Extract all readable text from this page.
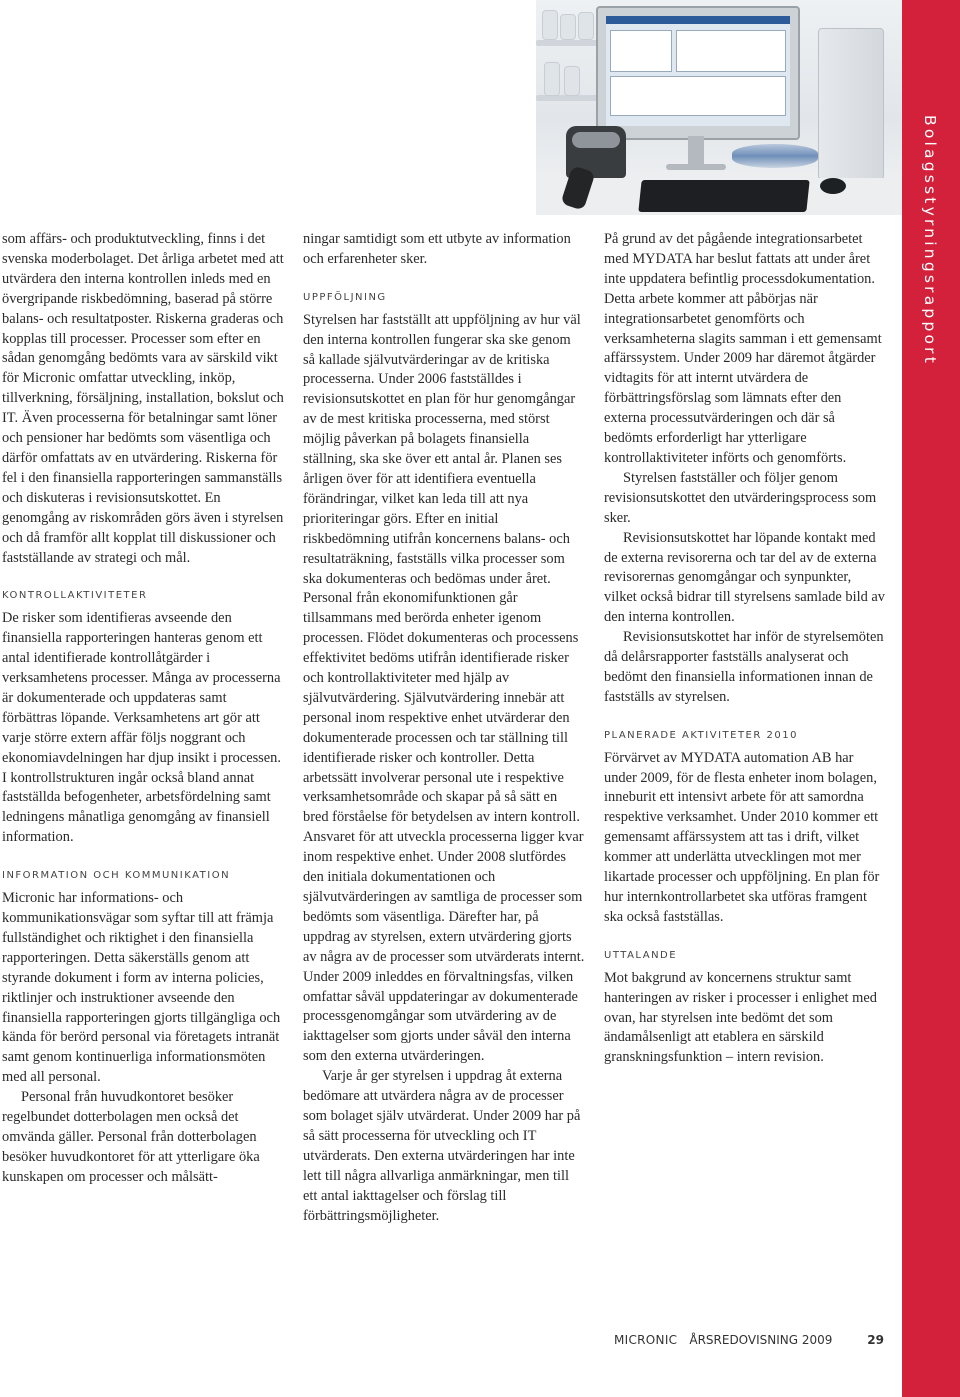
Bolagsstyrningsrapport

som affärs- och produktutveckling, finns i det svenska moderbolaget. Det årliga arbetet med att utvärdera den interna kontrollen inleds med en övergripande riskbedömning, baserad på större balans- och resultatposter. Riskerna graderas och kopplas till processer. Processer som efter en sådan genomgång bedömts vara av särskild vikt för Micronic omfattar utveckling, inköp, tillverkning, försäljning, installation, bokslut och IT. Även processerna för betalningar samt löner och pensioner har bedömts som väsentliga och därför omfattats av en utvärdering. Riskerna för fel i den finansiella rapporteringen sammanställs och diskuteras i revisionsutskottet. En genomgång av riskområden görs även i styrelsen och då framför allt kopplat till diskussioner och fastställande av strategi och mål.

KONTROLLAKTIVITETER

De risker som identifieras avseende den finansiella rapporteringen hanteras genom ett antal identifierade kontrollåtgärder i verksamhetens processer. Många av processerna är dokumenterade och uppdateras samt förbättras löpande. Verksamhetens art gör att varje större extern affär följs noggrant och ekonomiavdelningen har djup insikt i processen. I kontrollstrukturen ingår också bland annat fastställda befogenheter, arbetsfördelning samt ledningens månatliga genomgång av finansiell information.

INFORMATION OCH KOMMUNIKATION

Micronic har informations- och kommunikationsvägar som syftar till att främja fullständighet och riktighet i den finansiella rapporteringen. Detta säkerställs genom att styrande dokument i form av interna policies, riktlinjer och instruktioner avseende den finansiella rapporteringen gjorts tillgängliga och kända för berörd personal via företagets intranät samt genom kontinuerliga informationsmöten med all personal.

Personal från huvudkontoret besöker regelbundet dotterbolagen men också det omvända gäller. Personal från dotterbolagen besöker huvudkontoret för att ytterligare öka kunskapen om processer och målsätt-

ningar samtidigt som ett utbyte av information och erfarenheter sker.

UPPFÖLJNING

Styrelsen har fastställt att uppföljning av hur väl den interna kontrollen fungerar ska ske genom så kallade självutvärderingar av de kritiska processerna. Under 2006 fastställdes i revisionsutskottet en plan för hur genomgångar av de mest kritiska processerna, med störst möjlig påverkan på bolagets finansiella ställning, ska ske över ett antal år. Planen ses årligen över för att identifiera eventuella förändringar, vilket kan leda till att nya prioriteringar görs. Efter en initial riskbedömning utifrån koncernens balans- och resultaträkning, fastställs vilka processer som ska dokumenteras och bedömas under året. Personal från ekonomifunktionen går tillsammans med berörda enheter igenom processen. Flödet dokumenteras och processens effektivitet bedöms utifrån identifierade risker och kontrollaktiviteter med hjälp av självutvärdering. Självutvärdering innebär att personal inom respektive enhet utvärderar den dokumenterade processen och tar ställning till identifierade risker och kontroller. Detta arbetssätt involverar personal ute i respektive verksamhetsområde och skapar på så sätt en bred förståelse för betydelsen av intern kontroll. Ansvaret för att utveckla processerna ligger kvar inom respektive enhet. Under 2008 slutfördes den initiala dokumentationen och självutvärderingen av samtliga de processer som bedömts som väsentliga. Därefter har, på uppdrag av styrelsen, extern utvärdering gjorts av några av de processer som utvärderats internt. Under 2009 inleddes en förvaltningsfas, vilken omfattar såväl uppdateringar av dokumenterade processgenomgångar som utvärdering av de iakttagelser som gjorts under såväl den interna som den externa utvärderingen.

Varje år ger styrelsen i uppdrag åt externa bedömare att utvärdera några av de processer som bolaget själv utvärderat. Under 2009 har på så sätt processerna för utveckling och IT utvärderats. Den externa utvärderingen har inte lett till några allvarliga anmärkningar, men till ett antal iakttagelser och förslag till förbättringsmöjligheter.

På grund av det pågående integrationsarbetet med MYDATA har beslut fattats att under året inte uppdatera befintlig processdokumentation. Detta arbete kommer att påbörjas när integrationsarbetet genomförts och verksamheterna slagits samman i ett gemensamt affärssystem. Under 2009 har däremot åtgärder vidtagits för att internt utvärdera de förbättringsförslag som lämnats efter den externa processutvärderingen och där så bedömts erforderligt har ytterligare kontrollaktiviteter införts och genomförts.

Styrelsen fastställer och följer genom revisionsutskottet den utvärderingsprocess som sker.

Revisionsutskottet har löpande kontakt med de externa revisorerna och tar del av de externa revisorernas genomgångar och synpunkter, vilket också bidrar till styrelsens samlade bild av den interna kontrollen.

Revisionsutskottet har inför de styrelsemöten då delårsrapporter fastställs analyserat och bedömt den finansiella informationen innan de fastställs av styrelsen.

PLANERADE AKTIVITETER 2010

Förvärvet av MYDATA automation AB har under 2009, för de flesta enheter inom bolagen, inneburit ett intensivt arbete för att samordna respektive verksamhet. Under 2010 kommer ett gemensamt affärssystem att tas i drift, vilket kommer att underlätta utvecklingen mot mer likartade processer och uppföljning. En plan för hur internkontrollarbetet ska utföras framgent ska också fastställas.

UTTALANDE

Mot bakgrund av koncernens struktur samt hanteringen av risker i processer i enlighet med ovan, har styrelsen inte bedömt det som ändamålsenligt att etablera en särskild granskningsfunktion – intern revision.

MICRONIC ÅRSREDOVISNING 2009	29
